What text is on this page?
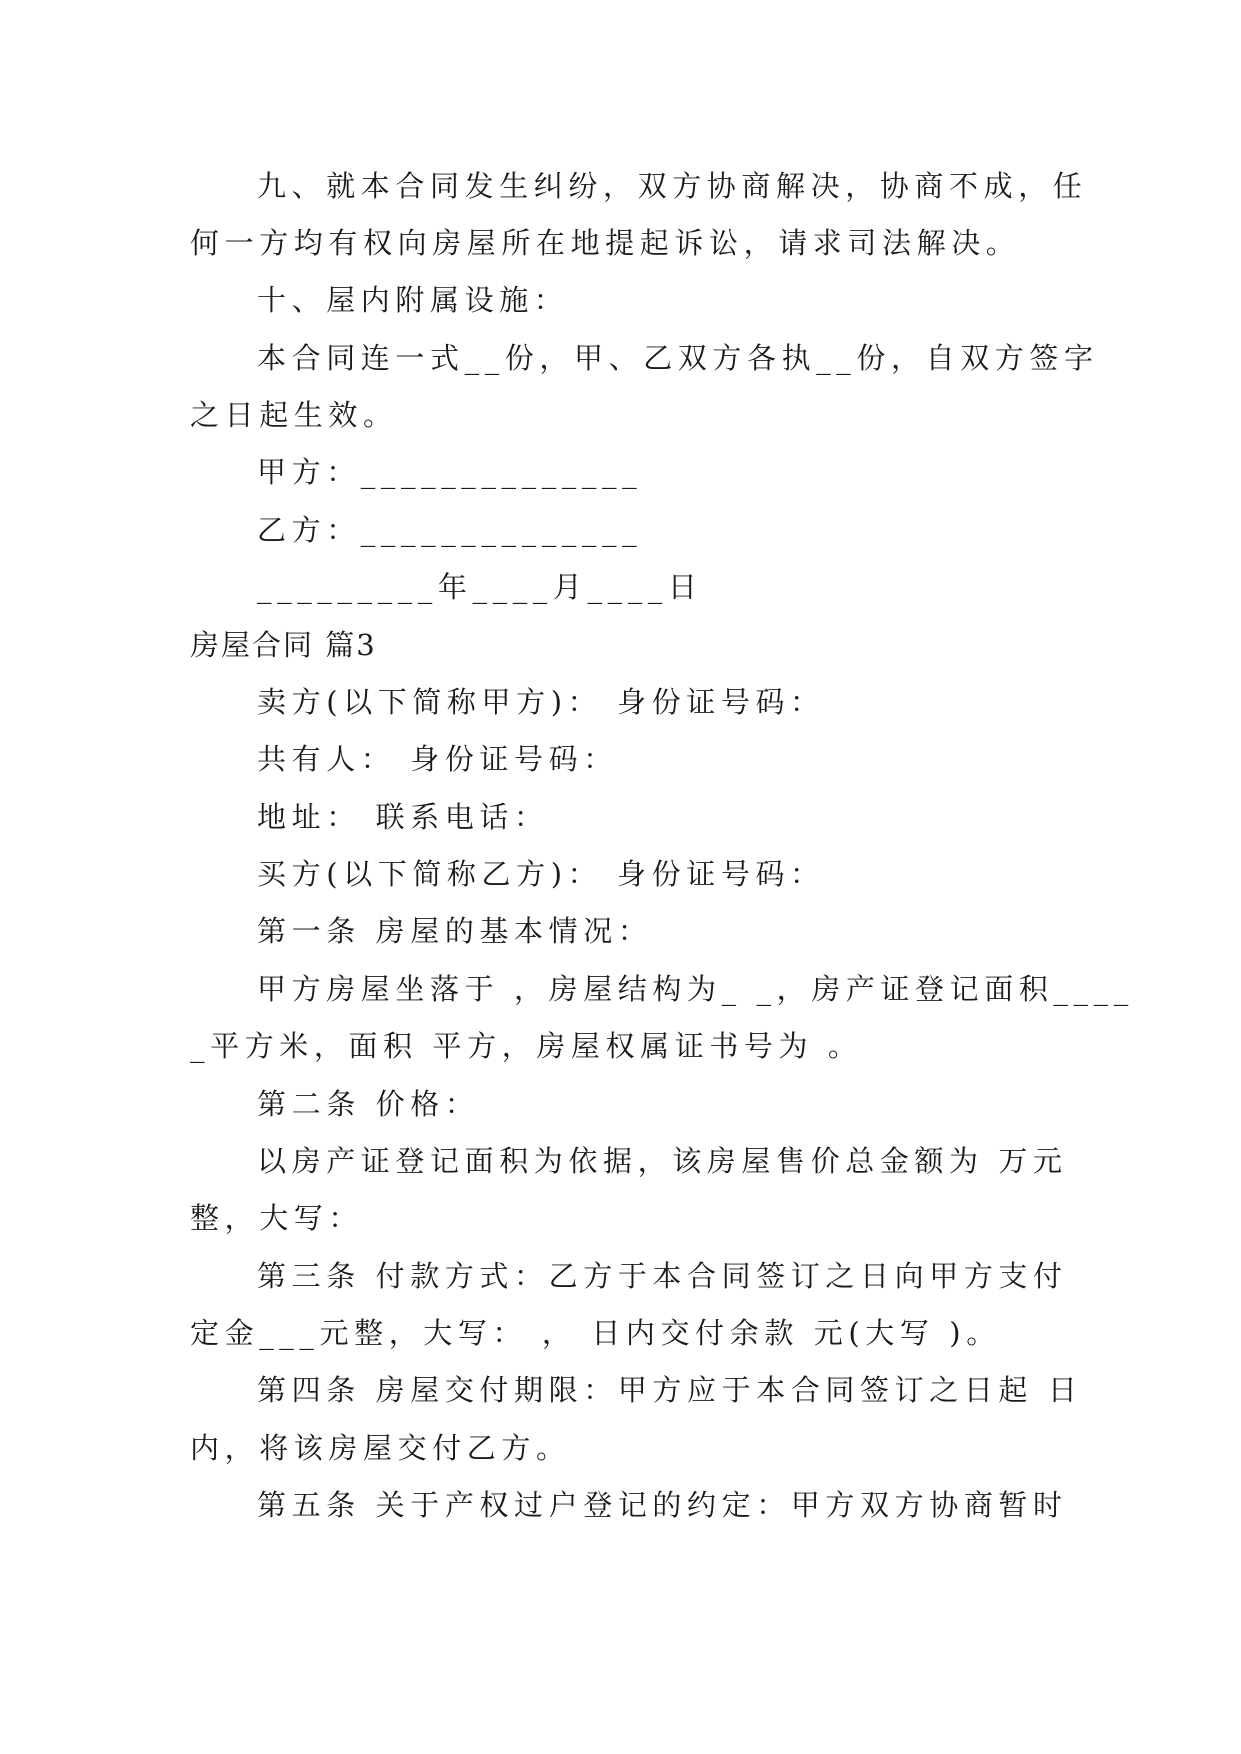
九、就本合同发生纠纷，双方协商解决，协商不成，任
何一方均有权向房屋所在地提起诉讼，请求司法解决。
十、屋内附属设施：
本合同连一式__份，甲、乙双方各执__份，自双方签字
之日起生效。
甲方：______________
乙方：______________
_________年____月____日
房屋合同 篇3
卖方(以下简称甲方)： 身份证号码：
共有人： 身份证号码：
地址： 联系电话：
买方(以下简称乙方)： 身份证号码：
第一条 房屋的基本情况：
甲方房屋坐落于 ，房屋结构为_ _，房产证登记面积____
_平方米，面积 平方，房屋权属证书号为 。
第二条 价格：
以房产证登记面积为依据，该房屋售价总金额为 万元
整，大写：
第三条 付款方式：乙方于本合同签订之日向甲方支付
定金___元整，大写： ， 日内交付余款 元(大写 )。
第四条 房屋交付期限：甲方应于本合同签订之日起 日
内，将该房屋交付乙方。
第五条 关于产权过户登记的约定：甲方双方协商暂时
